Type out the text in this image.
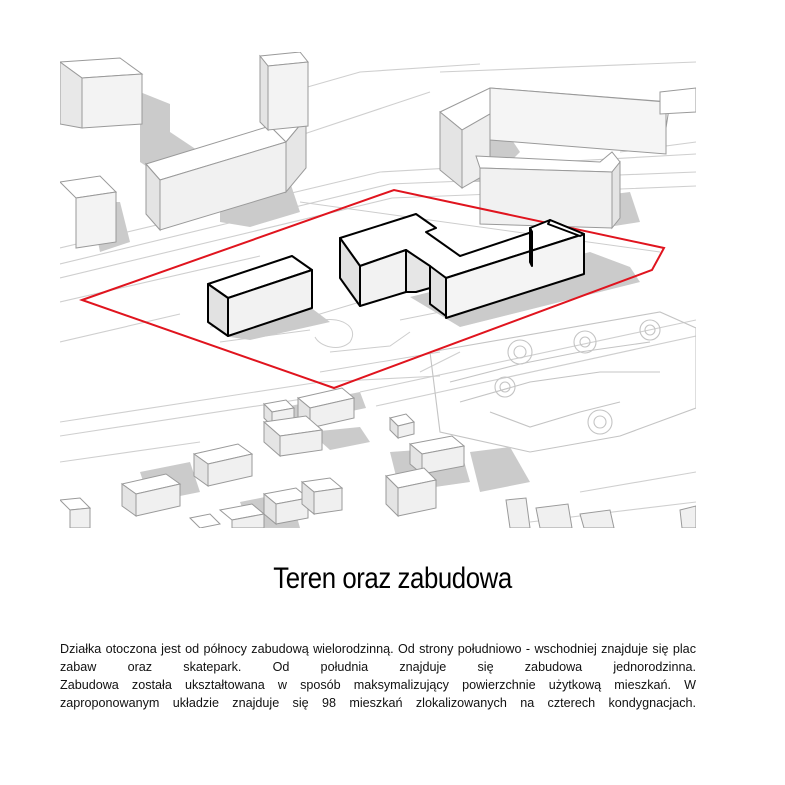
Teren oraz zabudowa

Działka otoczona jest od północy zabudową wielorodzinną. Od strony południowo - wschodniej znajduje się plac zabaw oraz skatepark. Od południa znajduje się zabudowa jednorodzinna.

Zabudowa została ukształtowana w sposób maksymalizujący powierzchnie użytkową mieszkań. W zaproponowanym układzie znajduje się 98 mieszkań zlokalizowanych na czterech kondygnacjach.
